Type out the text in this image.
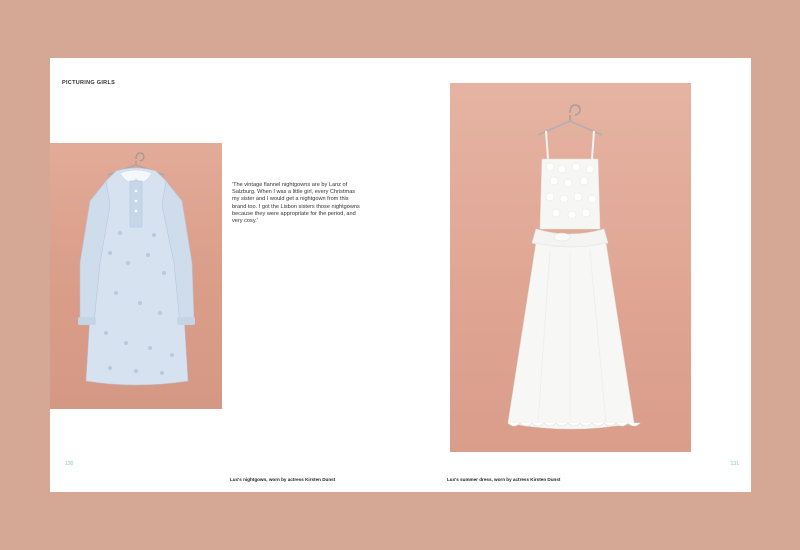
PICTURING GIRLS
'The vintage flannel nightgowns are by Lanz of Salzburg. When I was a little girl, every Christmas my sister and I would get a nightgown from this brand too. I got the Lisbon sisters those nightgowns because they were appropriate for the period, and very cosy.'
Lux's nightgown, worn by actress Kirsten Dunst
130
Lux's summer dress, worn by actress Kirsten Dunst
131
